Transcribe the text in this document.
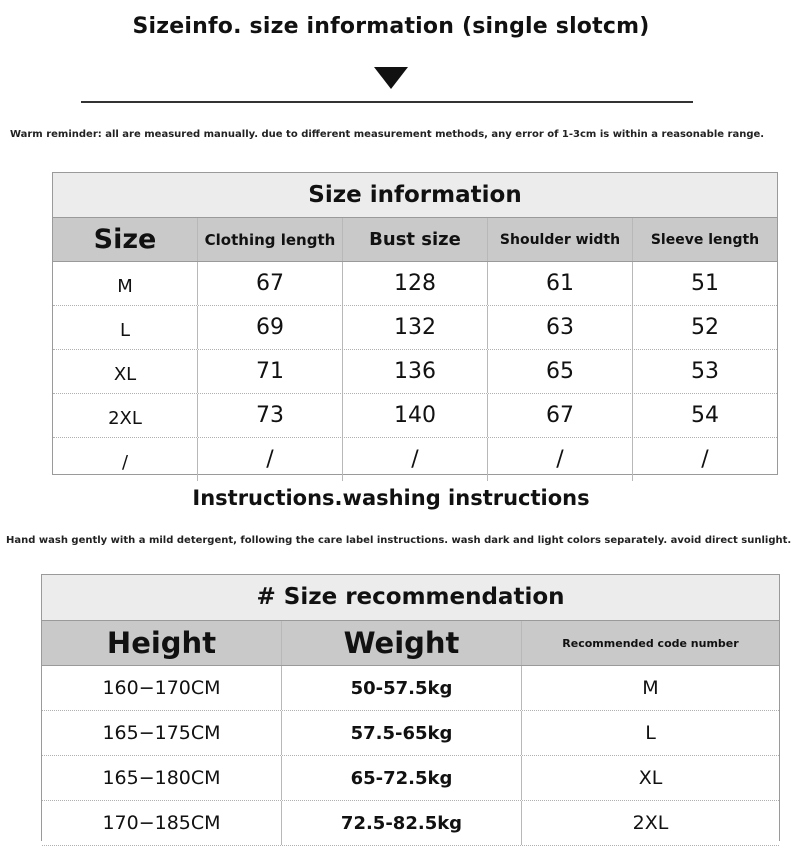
Sizeinfo. size information (single slotcm)
Warm reminder: all are measured manually. due to different measurement methods, any error of 1-3cm is within a reasonable range.
Size information
Size	Clothing length	Bust size	Shoulder width	Sleeve length
M	67	128	61	51
L	69	132	63	52
XL	71	136	65	53
2XL	73	140	67	54
/	/	/	/	/
Instructions.washing instructions
Hand wash gently with a mild detergent, following the care label instructions. wash dark and light colors separately. avoid direct sunlight.
# Size recommendation
Height	Weight	Recommended code number
160−170CM	50-57.5kg	M
165−175CM	57.5-65kg	L
165−180CM	65-72.5kg	XL
170−185CM	72.5-82.5kg	2XL
